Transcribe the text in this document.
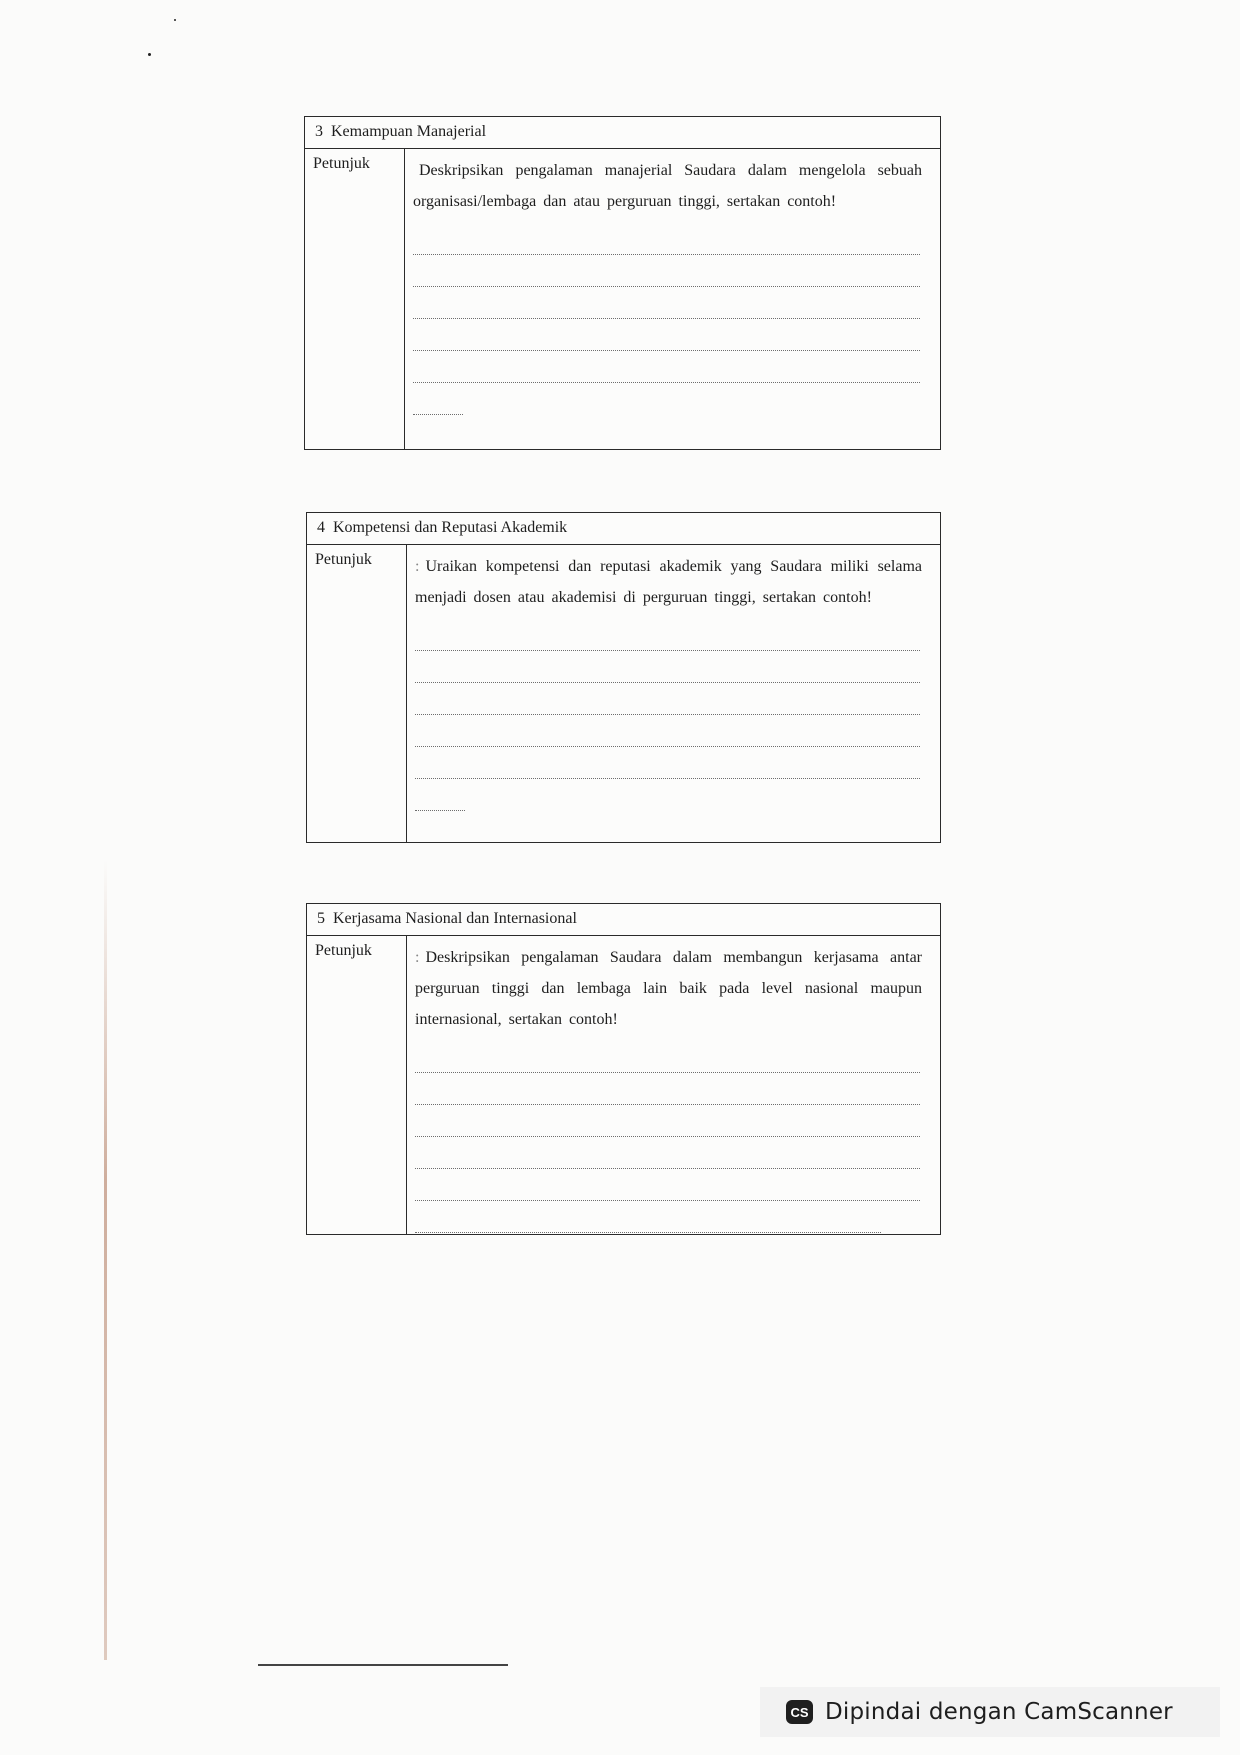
3 Kemampuan Manajerial
Petunjuk	Deskripsikan pengalaman manajerial Saudara dalam mengelola sebuah organisasi/lembaga dan atau perguruan tinggi, sertakan contoh!

4 Kompetensi dan Reputasi Akademik
Petunjuk	: Uraikan kompetensi dan reputasi akademik yang Saudara miliki selama menjadi dosen atau akademisi di perguruan tinggi, sertakan contoh!

5 Kerjasama Nasional dan Internasional
Petunjuk	: Deskripsikan pengalaman Saudara dalam membangun kerjasama antar perguruan tinggi dan lembaga lain baik pada level nasional maupun internasional, sertakan contoh!

CS Dipindai dengan CamScanner
